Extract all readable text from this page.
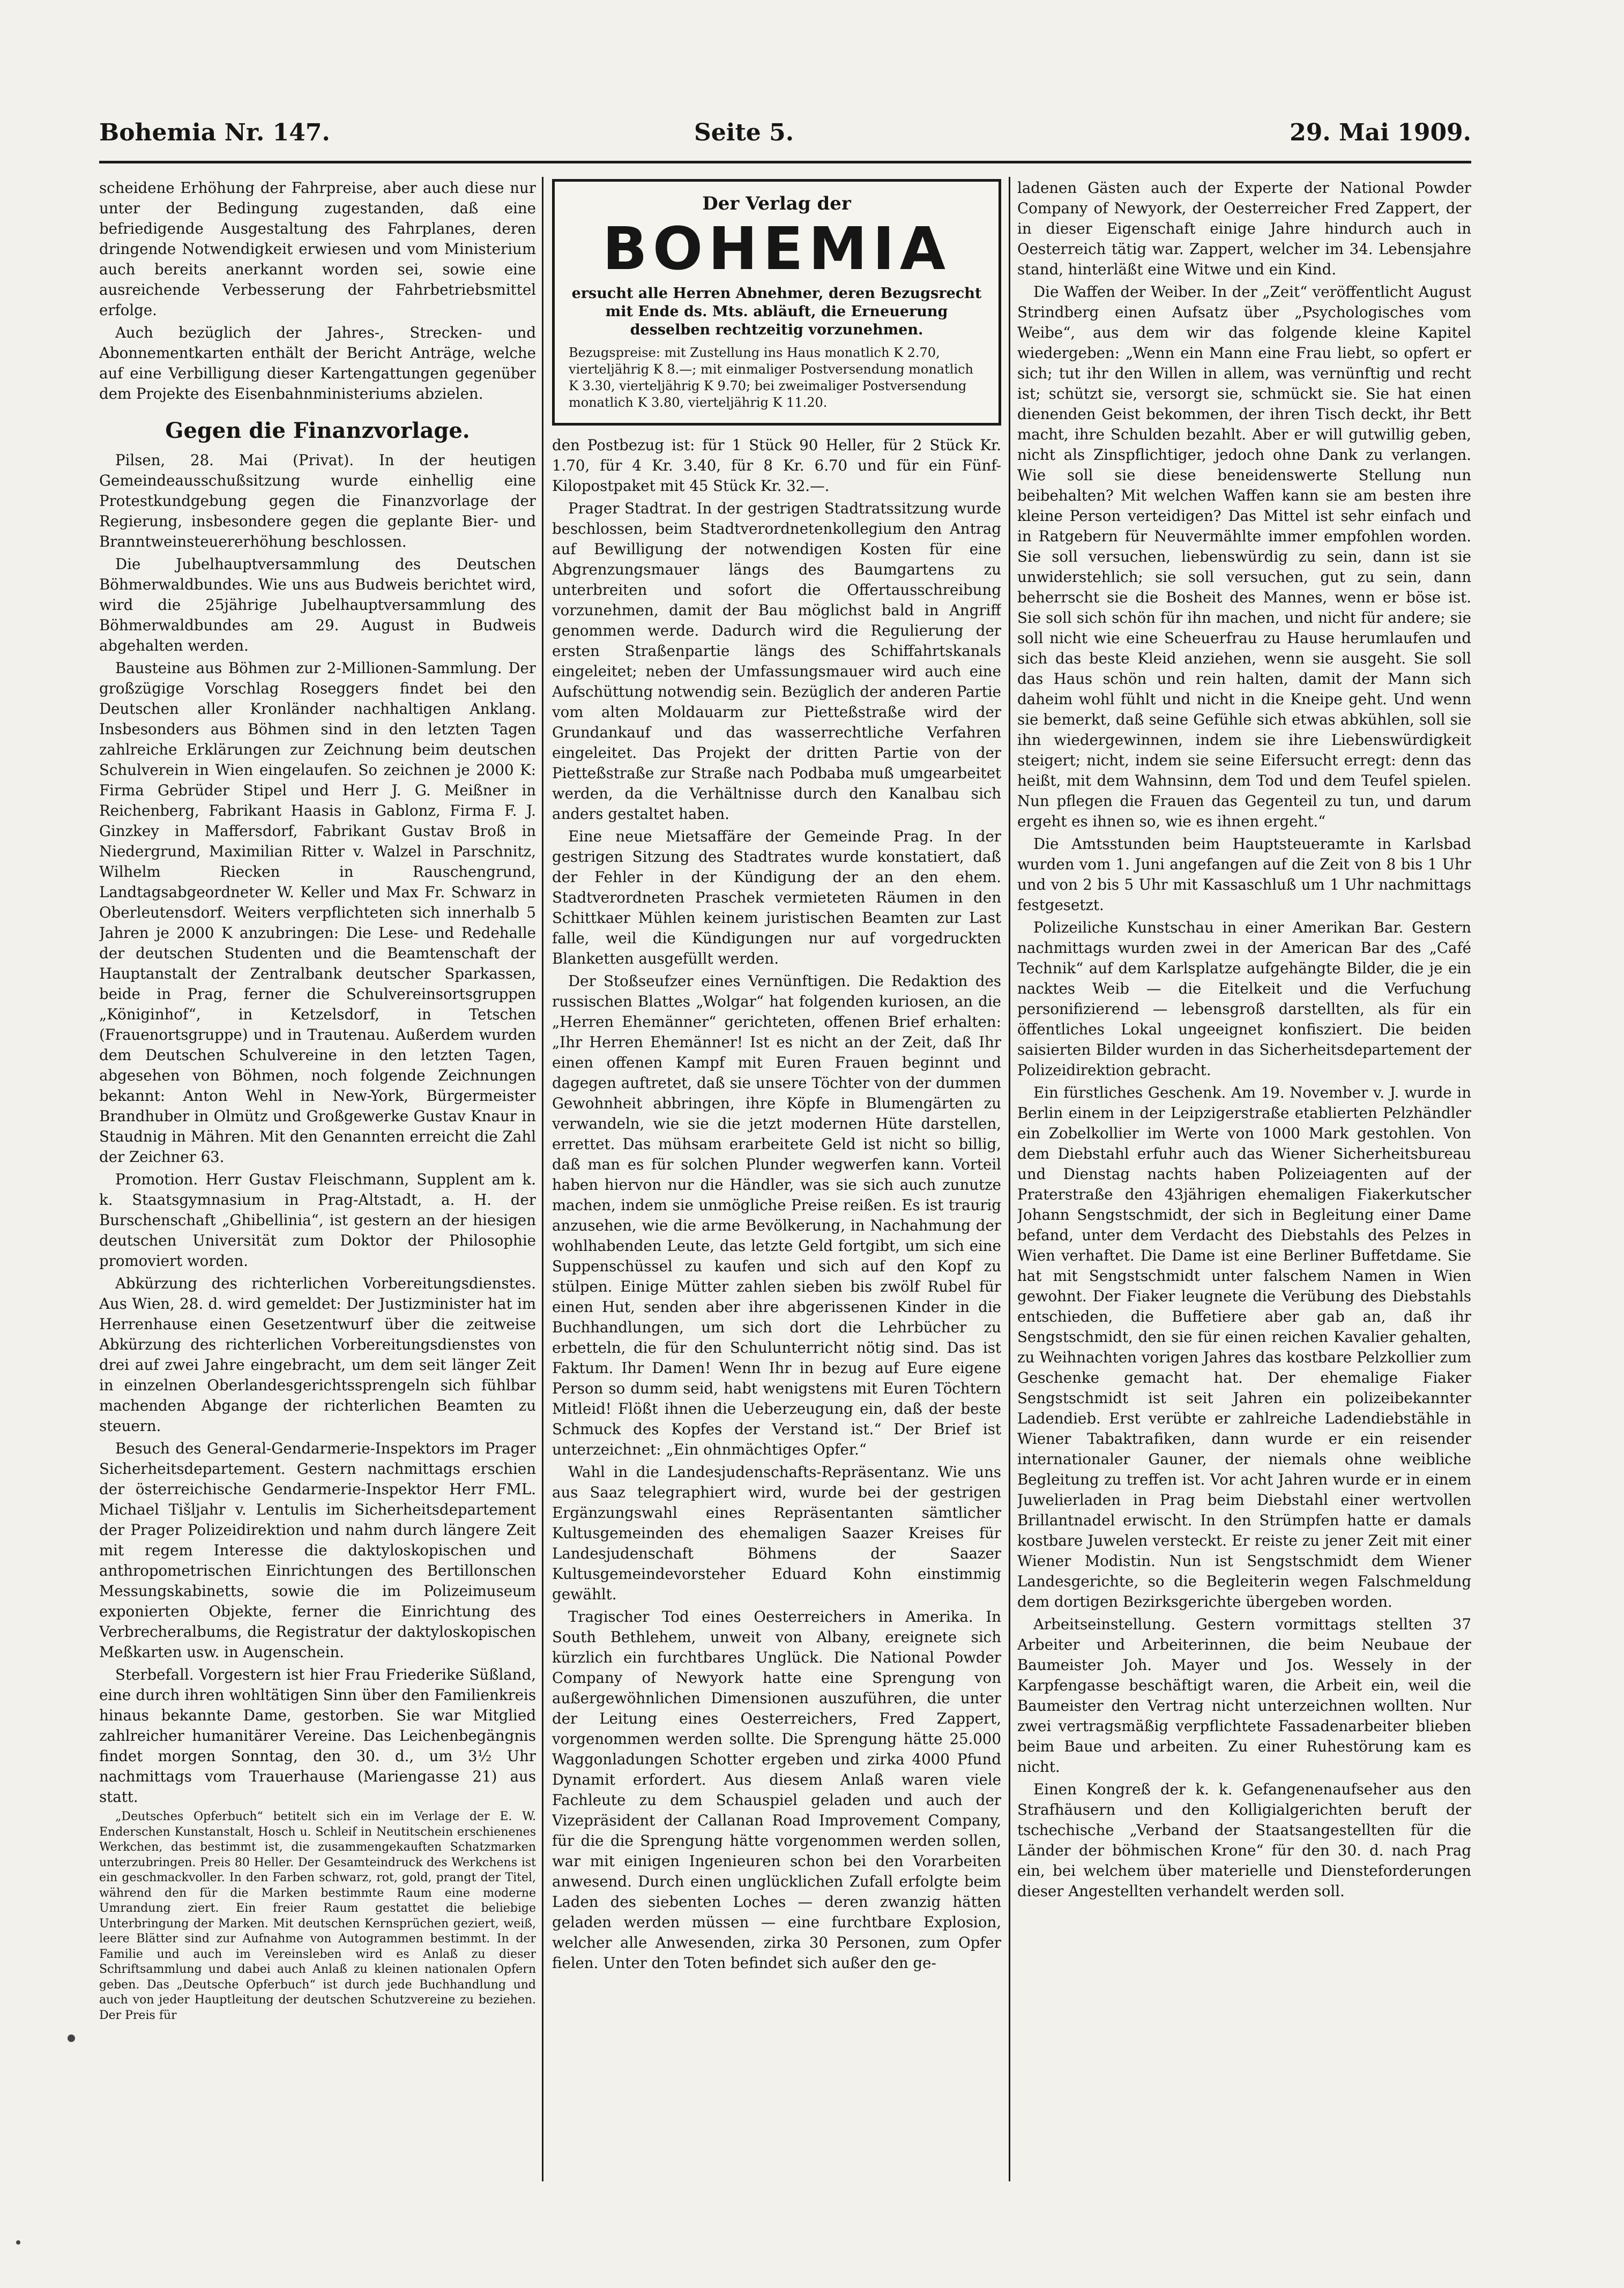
Bohemia Nr. 147.	Seite 5.	29. Mai 1909.

scheidene Erhöhung der Fahrpreise, aber auch diese nur unter der Bedingung zugestanden, daß eine befriedigende Ausgestaltung des Fahrplanes, deren dringende Notwendigkeit erwiesen und vom Ministerium auch bereits anerkannt worden sei, sowie eine ausreichende Verbesserung der Fahrbetriebsmittel erfolge.

Auch bezüglich der Jahres-, Strecken- und Abonnementkarten enthält der Bericht Anträge, welche auf eine Verbilligung dieser Kartengattungen gegenüber dem Projekte des Eisenbahnministeriums abzielen.

Gegen die Finanzvorlage.

Pilsen, 28. Mai (Privat). In der heutigen Gemeindeausschußsitzung wurde einhellig eine Protestkundgebung gegen die Finanzvorlage der Regierung, insbesondere gegen die geplante Bier- und Branntweinsteuererhöhung beschlossen.

Die Jubelhauptversammlung des Deutschen Böhmerwaldbundes. Wie uns aus Budweis berichtet wird, wird die 25jährige Jubelhauptversammlung des Böhmerwaldbundes am 29. August in Budweis abgehalten werden.

Bausteine aus Böhmen zur 2-Millionen-Sammlung. Der großzügige Vorschlag Roseggers findet bei den Deutschen aller Kronländer nachhaltigen Anklang. Insbesonders aus Böhmen sind in den letzten Tagen zahlreiche Erklärungen zur Zeichnung beim deutschen Schulverein in Wien eingelaufen. So zeichnen je 2000 K: Firma Gebrüder Stipel und Herr J. G. Meißner in Reichenberg, Fabrikant Haasis in Gablonz, Firma F. J. Ginzkey in Maffersdorf, Fabrikant Gustav Broß in Niedergrund, Maximilian Ritter v. Walzel in Parschnitz, Wilhelm Riecken in Rauschengrund, Landtagsabgeordneter W. Keller und Max Fr. Schwarz in Oberleutensdorf. Weiters verpflichteten sich innerhalb 5 Jahren je 2000 K anzubringen: Die Lese- und Redehalle der deutschen Studenten und die Beamtenschaft der Hauptanstalt der Zentralbank deutscher Sparkassen, beide in Prag, ferner die Schulvereinsortsgruppen „Königinhof“, in Ketzelsdorf, in Tetschen (Frauenortsgruppe) und in Trautenau. Außerdem wurden dem Deutschen Schulvereine in den letzten Tagen, abgesehen von Böhmen, noch folgende Zeichnungen bekannt: Anton Wehl in New-York, Bürgermeister Brandhuber in Olmütz und Großgewerke Gustav Knaur in Staudnig in Mähren. Mit den Genannten erreicht die Zahl der Zeichner 63.

Promotion. Herr Gustav Fleischmann, Supplent am k. k. Staatsgymnasium in Prag-Altstadt, a. H. der Burschenschaft „Ghibellinia“, ist gestern an der hiesigen deutschen Universität zum Doktor der Philosophie promoviert worden.

Abkürzung des richterlichen Vorbereitungsdienstes. Aus Wien, 28. d. wird gemeldet: Der Justizminister hat im Herrenhause einen Gesetzentwurf über die zeitweise Abkürzung des richterlichen Vorbereitungsdienstes von drei auf zwei Jahre eingebracht, um dem seit länger Zeit in einzelnen Oberlandesgerichtssprengeln sich fühlbar machenden Abgange der richterlichen Beamten zu steuern.

Besuch des General-Gendarmerie-Inspektors im Prager Sicherheitsdepartement. Gestern nachmittags erschien der österreichische Gendarmerie-Inspektor Herr FML. Michael Tišljahr v. Lentulis im Sicherheitsdepartement der Prager Polizeidirektion und nahm durch längere Zeit mit regem Interesse die daktyloskopischen und anthropometrischen Einrichtungen des Bertillonschen Messungskabinetts, sowie die im Polizeimuseum exponierten Objekte, ferner die Einrichtung des Verbrecheralbums, die Registratur der daktyloskopischen Meßkarten usw. in Augenschein.

Sterbefall. Vorgestern ist hier Frau Friederike Süßland, eine durch ihren wohltätigen Sinn über den Familienkreis hinaus bekannte Dame, gestorben. Sie war Mitglied zahlreicher humanitärer Vereine. Das Leichenbegängnis findet morgen Sonntag, den 30. d., um 3½ Uhr nachmittags vom Trauerhause (Mariengasse 21) aus statt.

„Deutsches Opferbuch“ betitelt sich ein im Verlage der E. W. Enderschen Kunstanstalt, Hosch u. Schleif in Neutitschein erschienenes Werkchen, das bestimmt ist, die zusammengekauften Schatzmarken unterzubringen. Preis 80 Heller. Der Gesamteindruck des Werkchens ist ein geschmackvoller. In den Farben schwarz, rot, gold, prangt der Titel, während den für die Marken bestimmte Raum eine moderne Umrandung ziert. Ein freier Raum gestattet die beliebige Unterbringung der Marken. Mit deutschen Kernsprüchen geziert, weiß, leere Blätter sind zur Aufnahme von Autogrammen bestimmt. In der Familie und auch im Vereinsleben wird es Anlaß zu dieser Schriftsammlung und dabei auch Anlaß zu kleinen nationalen Opfern geben. Das „Deutsche Opferbuch“ ist durch jede Buchhandlung und auch von jeder Hauptleitung der deutschen Schutzvereine zu beziehen. Der Preis für

Der Verlag der
BOHEMIA
ersucht alle Herren Abnehmer, deren Bezugsrecht mit Ende ds. Mts. abläuft, die Erneuerung desselben rechtzeitig vorzunehmen.
Bezugspreise: mit Zustellung ins Haus monatlich K 2.70, vierteljährig K 8.—; mit einmaliger Postversendung monatlich K 3.30, vierteljährig K 9.70; bei zweimaliger Postversendung monatlich K 3.80, vierteljährig K 11.20.

den Postbezug ist: für 1 Stück 90 Heller, für 2 Stück Kr. 1.70, für 4 Kr. 3.40, für 8 Kr. 6.70 und für ein Fünf-Kilopostpaket mit 45 Stück Kr. 32.—.

Prager Stadtrat. In der gestrigen Stadtratssitzung wurde beschlossen, beim Stadtverordnetenkollegium den Antrag auf Bewilligung der notwendigen Kosten für eine Abgrenzungsmauer längs des Baumgartens zu unterbreiten und sofort die Offertausschreibung vorzunehmen, damit der Bau möglichst bald in Angriff genommen werde. Dadurch wird die Regulierung der ersten Straßenpartie längs des Schiffahrtskanals eingeleitet; neben der Umfassungsmauer wird auch eine Aufschüttung notwendig sein. Bezüglich der anderen Partie vom alten Moldauarm zur Pietteßstraße wird der Grundankauf und das wasserrechtliche Verfahren eingeleitet. Das Projekt der dritten Partie von der Pietteßstraße zur Straße nach Podbaba muß umgearbeitet werden, da die Verhältnisse durch den Kanalbau sich anders gestaltet haben.

Eine neue Mietsaffäre der Gemeinde Prag. In der gestrigen Sitzung des Stadtrates wurde konstatiert, daß der Fehler in der Kündigung der an den ehem. Stadtverordneten Praschek vermieteten Räumen in den Schittkaer Mühlen keinem juristischen Beamten zur Last falle, weil die Kündigungen nur auf vorgedruckten Blanketten ausgefüllt werden.

Der Stoßseufzer eines Vernünftigen. Die Redaktion des russischen Blattes „Wolgar“ hat folgenden kuriosen, an die „Herren Ehemänner“ gerichteten, offenen Brief erhalten: „Ihr Herren Ehemänner! Ist es nicht an der Zeit, daß Ihr einen offenen Kampf mit Euren Frauen beginnt und dagegen auftretet, daß sie unsere Töchter von der dummen Gewohnheit abbringen, ihre Köpfe in Blumengärten zu verwandeln, wie sie die jetzt modernen Hüte darstellen, errettet. Das mühsam erarbeitete Geld ist nicht so billig, daß man es für solchen Plunder wegwerfen kann. Vorteil haben hiervon nur die Händler, was sie sich auch zunutze machen, indem sie unmögliche Preise reißen. Es ist traurig anzusehen, wie die arme Bevölkerung, in Nachahmung der wohlhabenden Leute, das letzte Geld fortgibt, um sich eine Suppenschüssel zu kaufen und sich auf den Kopf zu stülpen. Einige Mütter zahlen sieben bis zwölf Rubel für einen Hut, senden aber ihre abgerissenen Kinder in die Buchhandlungen, um sich dort die Lehrbücher zu erbetteln, die für den Schulunterricht nötig sind. Das ist Faktum. Ihr Damen! Wenn Ihr in bezug auf Eure eigene Person so dumm seid, habt wenigstens mit Euren Töchtern Mitleid! Flößt ihnen die Ueberzeugung ein, daß der beste Schmuck des Kopfes der Verstand ist.“ Der Brief ist unterzeichnet: „Ein ohnmächtiges Opfer.“

Wahl in die Landesjudenschafts-Repräsentanz. Wie uns aus Saaz telegraphiert wird, wurde bei der gestrigen Ergänzungswahl eines Repräsentanten sämtlicher Kultusgemeinden des ehemaligen Saazer Kreises für Landesjudenschaft Böhmens der Saazer Kultusgemeindevorsteher Eduard Kohn einstimmig gewählt.

Tragischer Tod eines Oesterreichers in Amerika. In South Bethlehem, unweit von Albany, ereignete sich kürzlich ein furchtbares Unglück. Die National Powder Company of Newyork hatte eine Sprengung von außergewöhnlichen Dimensionen auszuführen, die unter der Leitung eines Oesterreichers, Fred Zappert, vorgenommen werden sollte. Die Sprengung hätte 25.000 Waggonladungen Schotter ergeben und zirka 4000 Pfund Dynamit erfordert. Aus diesem Anlaß waren viele Fachleute zu dem Schauspiel geladen und auch der Vizepräsident der Callanan Road Improvement Company, für die die Sprengung hätte vorgenommen werden sollen, war mit einigen Ingenieuren schon bei den Vorarbeiten anwesend. Durch einen unglücklichen Zufall erfolgte beim Laden des siebenten Loches — deren zwanzig hätten geladen werden müssen — eine furchtbare Explosion, welcher alle Anwesenden, zirka 30 Personen, zum Opfer fielen. Unter den Toten befindet sich außer den ge-

ladenen Gästen auch der Experte der National Powder Company of Newyork, der Oesterreicher Fred Zappert, der in dieser Eigenschaft einige Jahre hindurch auch in Oesterreich tätig war. Zappert, welcher im 34. Lebensjahre stand, hinterläßt eine Witwe und ein Kind.

Die Waffen der Weiber. In der „Zeit“ veröffentlicht August Strindberg einen Aufsatz über „Psychologisches vom Weibe“, aus dem wir das folgende kleine Kapitel wiedergeben: „Wenn ein Mann eine Frau liebt, so opfert er sich; tut ihr den Willen in allem, was vernünftig und recht ist; schützt sie, versorgt sie, schmückt sie. Sie hat einen dienenden Geist bekommen, der ihren Tisch deckt, ihr Bett macht, ihre Schulden bezahlt. Aber er will gutwillig geben, nicht als Zinspflichtiger, jedoch ohne Dank zu verlangen. Wie soll sie diese beneidenswerte Stellung nun beibehalten? Mit welchen Waffen kann sie am besten ihre kleine Person verteidigen? Das Mittel ist sehr einfach und in Ratgebern für Neuvermählte immer empfohlen worden. Sie soll versuchen, liebenswürdig zu sein, dann ist sie unwiderstehlich; sie soll versuchen, gut zu sein, dann beherrscht sie die Bosheit des Mannes, wenn er böse ist. Sie soll sich schön für ihn machen, und nicht für andere; sie soll nicht wie eine Scheuerfrau zu Hause herumlaufen und sich das beste Kleid anziehen, wenn sie ausgeht. Sie soll das Haus schön und rein halten, damit der Mann sich daheim wohl fühlt und nicht in die Kneipe geht. Und wenn sie bemerkt, daß seine Gefühle sich etwas abkühlen, soll sie ihn wiedergewinnen, indem sie ihre Liebenswürdigkeit steigert; nicht, indem sie seine Eifersucht erregt: denn das heißt, mit dem Wahnsinn, dem Tod und dem Teufel spielen. Nun pflegen die Frauen das Gegenteil zu tun, und darum ergeht es ihnen so, wie es ihnen ergeht.“

Die Amtsstunden beim Hauptsteueramte in Karlsbad wurden vom 1. Juni angefangen auf die Zeit von 8 bis 1 Uhr und von 2 bis 5 Uhr mit Kassaschluß um 1 Uhr nachmittags festgesetzt.

Polizeiliche Kunstschau in einer Amerikan Bar. Gestern nachmittags wurden zwei in der American Bar des „Café Technik“ auf dem Karlsplatze aufgehängte Bilder, die je ein nacktes Weib — die Eitelkeit und die Verfuchung personifizierend — lebensgroß darstellten, als für ein öffentliches Lokal ungeeignet konfisziert. Die beiden saisierten Bilder wurden in das Sicherheitsdepartement der Polizeidirektion gebracht.

Ein fürstliches Geschenk. Am 19. November v. J. wurde in Berlin einem in der Leipzigerstraße etablierten Pelzhändler ein Zobelkollier im Werte von 1000 Mark gestohlen. Von dem Diebstahl erfuhr auch das Wiener Sicherheitsbureau und Dienstag nachts haben Polizeiagenten auf der Praterstraße den 43jährigen ehemaligen Fiakerkutscher Johann Sengstschmidt, der sich in Begleitung einer Dame befand, unter dem Verdacht des Diebstahls des Pelzes in Wien verhaftet. Die Dame ist eine Berliner Buffetdame. Sie hat mit Sengstschmidt unter falschem Namen in Wien gewohnt. Der Fiaker leugnete die Verübung des Diebstahls entschieden, die Buffetiere aber gab an, daß ihr Sengstschmidt, den sie für einen reichen Kavalier gehalten, zu Weihnachten vorigen Jahres das kostbare Pelzkollier zum Geschenke gemacht hat. Der ehemalige Fiaker Sengstschmidt ist seit Jahren ein polizeibekannter Ladendieb. Erst verübte er zahlreiche Ladendiebstähle in Wiener Tabaktrafiken, dann wurde er ein reisender internationaler Gauner, der niemals ohne weibliche Begleitung zu treffen ist. Vor acht Jahren wurde er in einem Juwelierladen in Prag beim Diebstahl einer wertvollen Brillantnadel erwischt. In den Strümpfen hatte er damals kostbare Juwelen versteckt. Er reiste zu jener Zeit mit einer Wiener Modistin. Nun ist Sengstschmidt dem Wiener Landesgerichte, so die Begleiterin wegen Falschmeldung dem dortigen Bezirksgerichte übergeben worden.

Arbeitseinstellung. Gestern vormittags stellten 37 Arbeiter und Arbeiterinnen, die beim Neubaue der Baumeister Joh. Mayer und Jos. Wessely in der Karpfengasse beschäftigt waren, die Arbeit ein, weil die Baumeister den Vertrag nicht unterzeichnen wollten. Nur zwei vertragsmäßig verpflichtete Fassadenarbeiter blieben beim Baue und arbeiten. Zu einer Ruhestörung kam es nicht.

Einen Kongreß der k. k. Gefangenenaufseher aus den Strafhäusern und den Kolligialgerichten beruft der tschechische „Verband der Staatsangestellten für die Länder der böhmischen Krone“ für den 30. d. nach Prag ein, bei welchem über materielle und Diensteforderungen dieser Angestellten verhandelt werden soll.
